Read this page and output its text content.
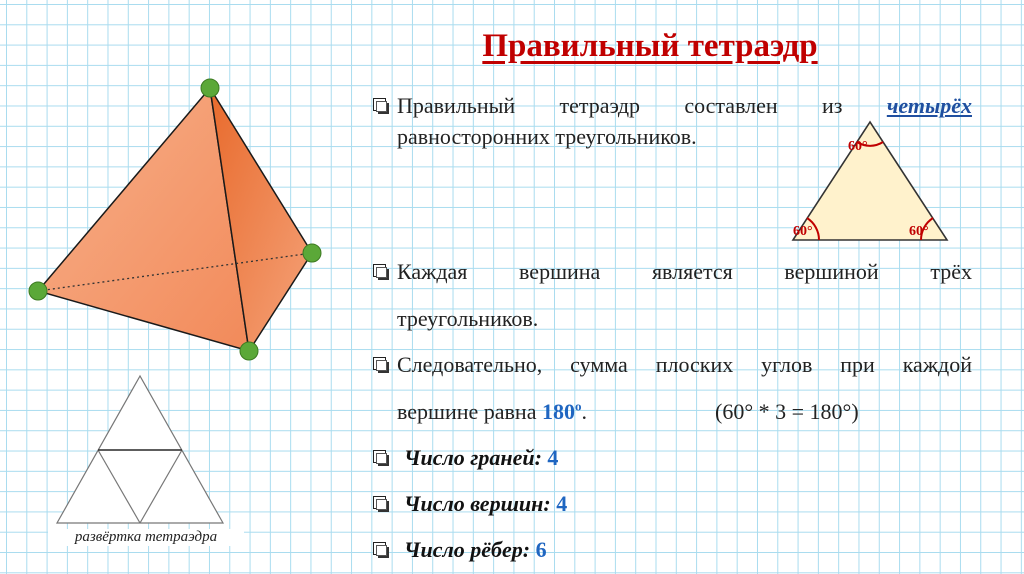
Правильный тетраэдр
развёртка тетраэдра
Правильный тетраэдр составлен из четырёх
равносторонних треугольников.	60°
60°	60°
Каждая вершина является вершиной трёх
треугольников.
Следовательно, сумма плоских углов при каждой
вершине равна $180^о$.	(60° * 3 = 180°)
Число граней: 4
Число вершин: 4
Число рёбер: 6
